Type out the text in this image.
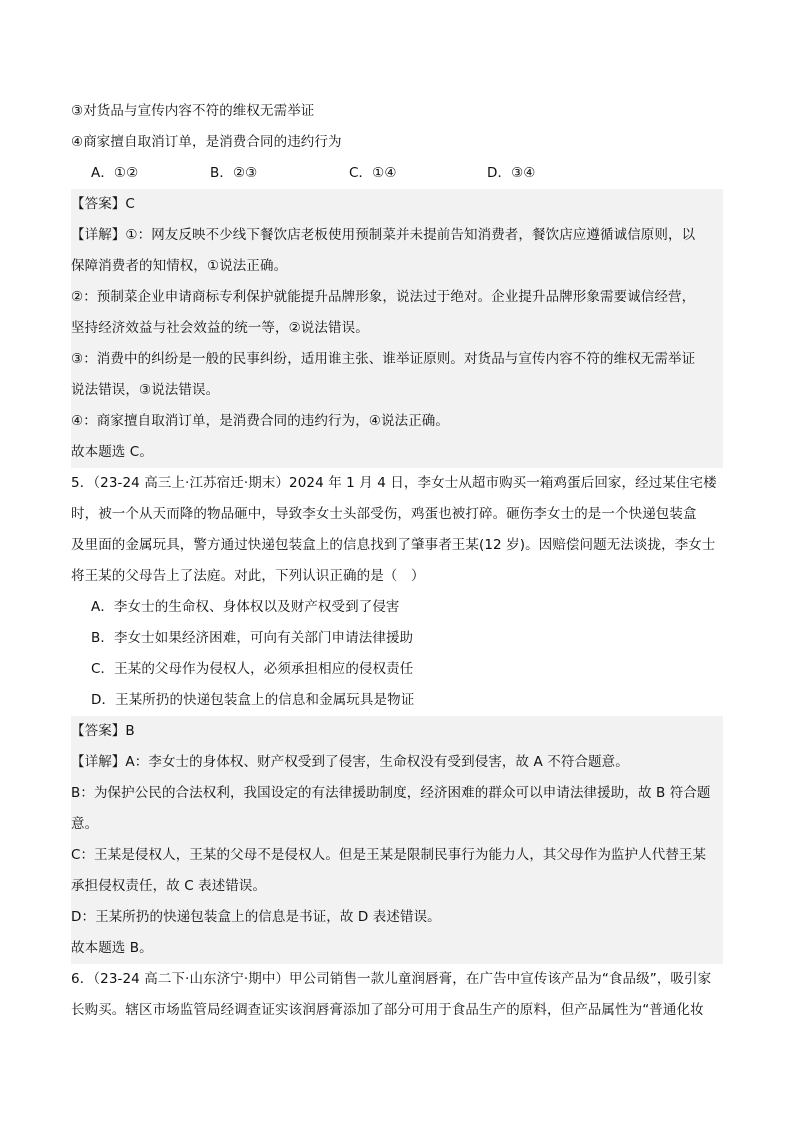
③对货品与宣传内容不符的维权无需举证
④商家擅自取消订单，是消费合同的违约行为
A．①②	B．②③	C．①④	D．③④
【答案】C
【详解】①：网友反映不少线下餐饮店老板使用预制菜并未提前告知消费者，餐饮店应遵循诚信原则，以
保障消费者的知情权，①说法正确。
②：预制菜企业申请商标专利保护就能提升品牌形象，说法过于绝对。企业提升品牌形象需要诚信经营，
坚持经济效益与社会效益的统一等，②说法错误。
③：消费中的纠纷是一般的民事纠纷，适用谁主张、谁举证原则。对货品与宣传内容不符的维权无需举证
说法错误，③说法错误。
④：商家擅自取消订单，是消费合同的违约行为，④说法正确。
故本题选 C。
5．（23-24 高三上·江苏宿迁·期末）2024 年 1 月 4 日，李女士从超市购买一箱鸡蛋后回家，经过某住宅楼
时，被一个从天而降的物品砸中，导致李女士头部受伤，鸡蛋也被打碎。砸伤李女士的是一个快递包装盒
及里面的金属玩具，警方通过快递包装盒上的信息找到了肇事者王某(12 岁)。因赔偿问题无法谈拢，李女士
将王某的父母告上了法庭。对此，下列认识正确的是（　）
A．李女士的生命权、身体权以及财产权受到了侵害
B．李女士如果经济困难，可向有关部门申请法律援助
C．王某的父母作为侵权人，必须承担相应的侵权责任
D．王某所扔的快递包装盒上的信息和金属玩具是物证
【答案】B
【详解】A：李女士的身体权、财产权受到了侵害，生命权没有受到侵害，故 A 不符合题意。
B：为保护公民的合法权利，我国设定的有法律援助制度，经济困难的群众可以申请法律援助，故 B 符合题
意。
C：王某是侵权人，王某的父母不是侵权人。但是王某是限制民事行为能力人，其父母作为监护人代替王某
承担侵权责任，故 C 表述错误。
D：王某所扔的快递包装盒上的信息是书证，故 D 表述错误。
故本题选 B。
6．（23-24 高二下·山东济宁·期中）甲公司销售一款儿童润唇膏，在广告中宣传该产品为“食品级”，吸引家
长购买。辖区市场监管局经调查证实该润唇膏添加了部分可用于食品生产的原料，但产品属性为“普通化妆
